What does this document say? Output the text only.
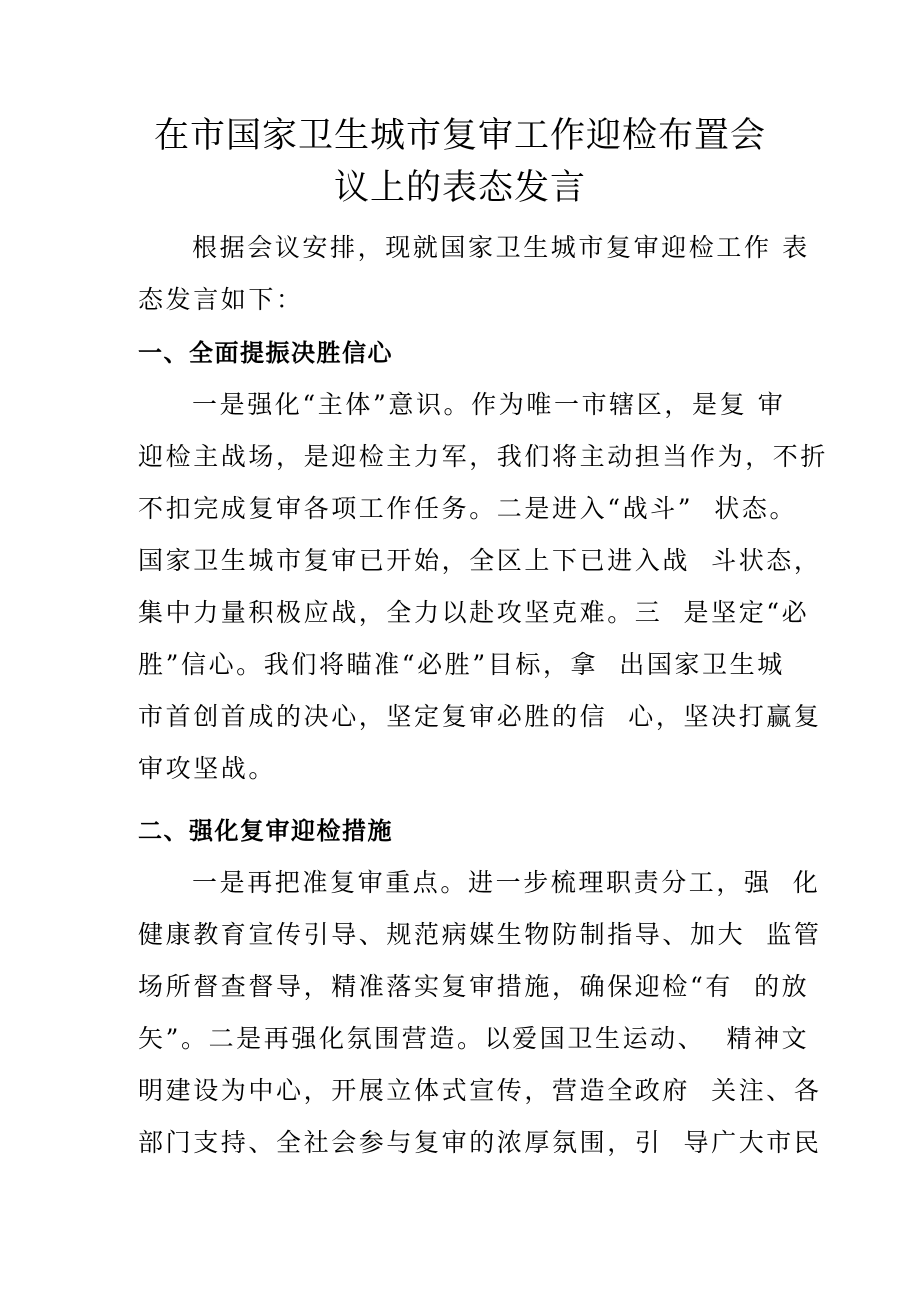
在市国家卫生城市复审工作迎检布置会
议上的表态发言

根据会议安排，现就国家卫生城市复审迎检工作 表

态发言如下：

一、全面提振决胜信心

一是强化“主体”意识。作为唯一市辖区，是复 审

迎检主战场，是迎检主力军，我们将主动担当作为，不折

不扣完成复审各项工作任务。二是进入“战斗”  状态。

国家卫生城市复审已开始，全区上下已进入战  斗状态，

集中力量积极应战，全力以赴攻坚克难。三  是坚定“必

胜”信心。我们将瞄准“必胜”目标，拿  出国家卫生城

市首创首成的决心，坚定复审必胜的信  心，坚决打赢复

审攻坚战。

二、强化复审迎检措施

一是再把准复审重点。进一步梳理职责分工，强  化

健康教育宣传引导、规范病媒生物防制指导、加大  监管

场所督查督导，精准落实复审措施，确保迎检“有  的放

矢”。二是再强化氛围营造。以爱国卫生运动、  精神文

明建设为中心，开展立体式宣传，营造全政府  关注、各

部门支持、全社会参与复审的浓厚氛围，引  导广大市民
